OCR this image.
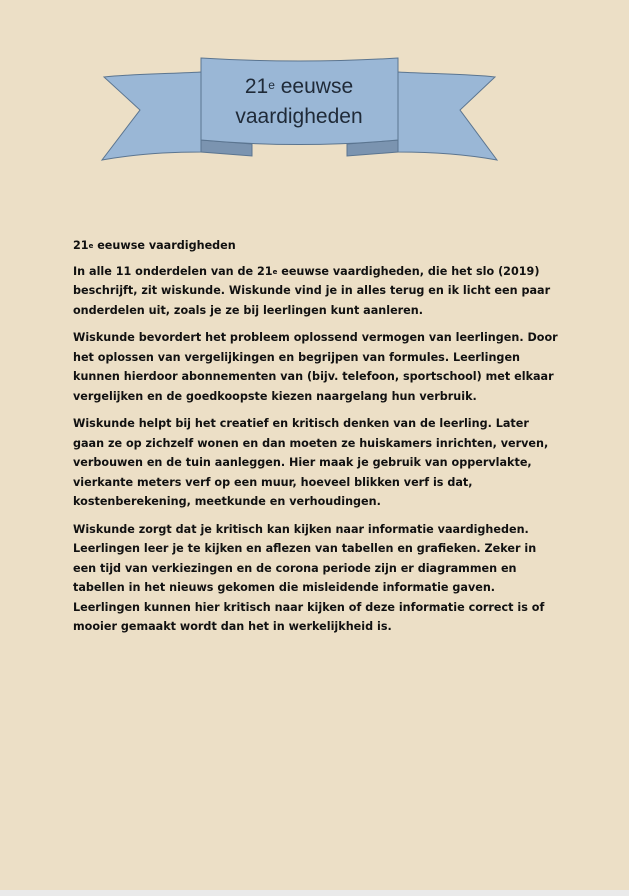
21e eeuwse
vaardigheden
21e eeuwse vaardigheden

In alle 11 onderdelen van de 21e eeuwse vaardigheden, die het slo (2019) beschrijft, zit wiskunde. Wiskunde vind je in alles terug en ik licht een paar onderdelen uit, zoals je ze bij leerlingen kunt aanleren.

Wiskunde bevordert het probleem oplossend vermogen van leerlingen. Door het oplossen van vergelijkingen en begrijpen van formules. Leerlingen kunnen hierdoor abonnementen van (bijv. telefoon, sportschool) met elkaar vergelijken en de goedkoopste kiezen naargelang hun verbruik.

Wiskunde helpt bij het creatief en kritisch denken van de leerling. Later gaan ze op zichzelf wonen en dan moeten ze huiskamers inrichten, verven, verbouwen en de tuin aanleggen. Hier maak je gebruik van oppervlakte, vierkante meters verf op een muur, hoeveel blikken verf is dat, kostenberekening, meetkunde en verhoudingen.

Wiskunde zorgt dat je kritisch kan kijken naar informatie vaardigheden. Leerlingen leer je te kijken en aflezen van tabellen en grafieken. Zeker in een tijd van verkiezingen en de corona periode zijn er diagrammen en tabellen in het nieuws gekomen die misleidende informatie gaven. Leerlingen kunnen hier kritisch naar kijken of deze informatie correct is of mooier gemaakt wordt dan het in werkelijkheid is.
